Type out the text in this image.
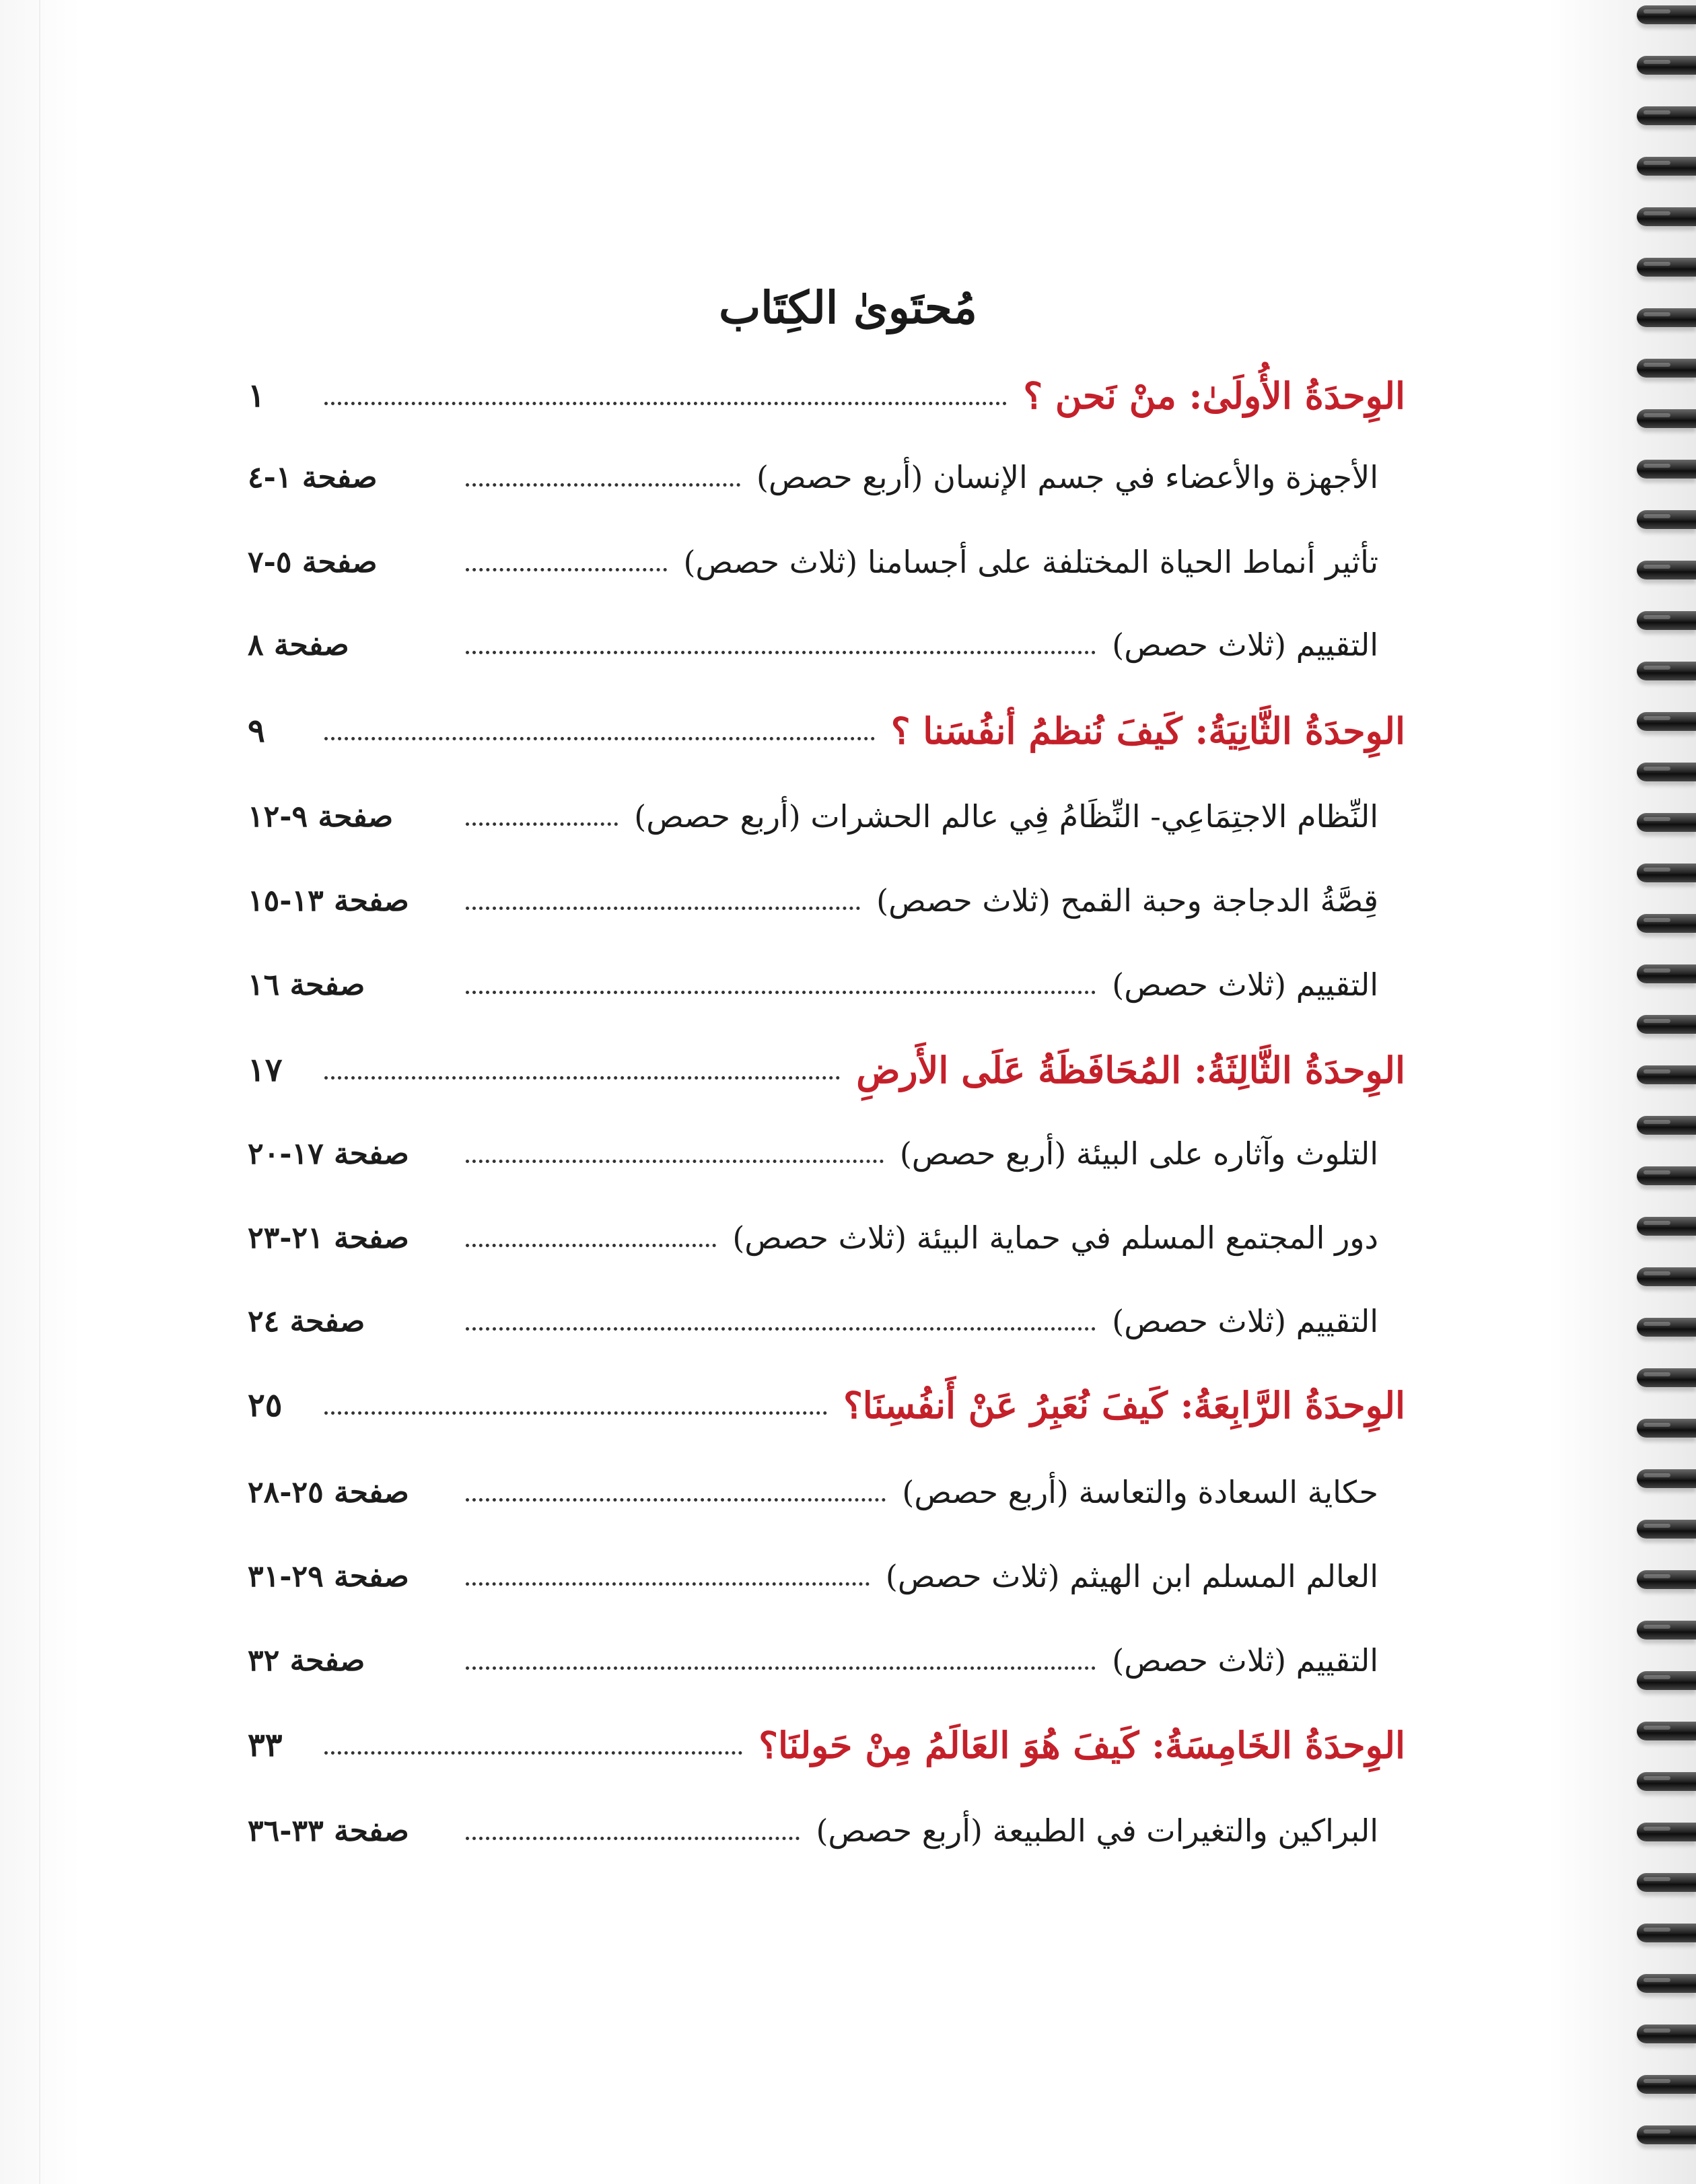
مُحتَوىٰ الكِتَاب
الوِحدَةُ الأُولَىٰ: منْ نَحن ؟
١
الأجهزة والأعضاء في جسم الإنسان (أربع حصص)
صفحة ١-٤
تأثير أنماط الحياة المختلفة على أجسامنا (ثلاث حصص)
صفحة ٥-٧
التقييم (ثلاث حصص)
صفحة ٨
الوِحدَةُ الثَّانِيَةُ: كَيفَ نُنظمُ أنفُسَنا ؟
٩
النِّظام الاجتِمَاعِي- النِّظَامُ فِي عالم الحشرات (أربع حصص)
صفحة ٩-١٢
قِصَّةُ الدجاجة وحبة القمح (ثلاث حصص)
صفحة ١٣-١٥
التقييم (ثلاث حصص)
صفحة ١٦
الوِحدَةُ الثَّالِثَةُ: المُحَافَظَةُ عَلَى الأَرضِ
١٧
التلوث وآثاره على البيئة (أربع حصص)
صفحة ١٧-٢٠
دور المجتمع المسلم في حماية البيئة (ثلاث حصص)
صفحة ٢١-٢٣
التقييم (ثلاث حصص)
صفحة ٢٤
الوِحدَةُ الرَّابِعَةُ: كَيفَ نُعَبِرُ عَنْ أَنفُسِنَا؟
٢٥
حكاية السعادة والتعاسة (أربع حصص)
صفحة ٢٥-٢٨
العالم المسلم ابن الهيثم (ثلاث حصص)
صفحة ٢٩-٣١
التقييم (ثلاث حصص)
صفحة ٣٢
الوِحدَةُ الخَامِسَةُ: كَيفَ هُوَ العَالَمُ مِنْ حَولنَا؟
٣٣
البراكين والتغيرات في الطبيعة (أربع حصص)
صفحة ٣٣-٣٦
